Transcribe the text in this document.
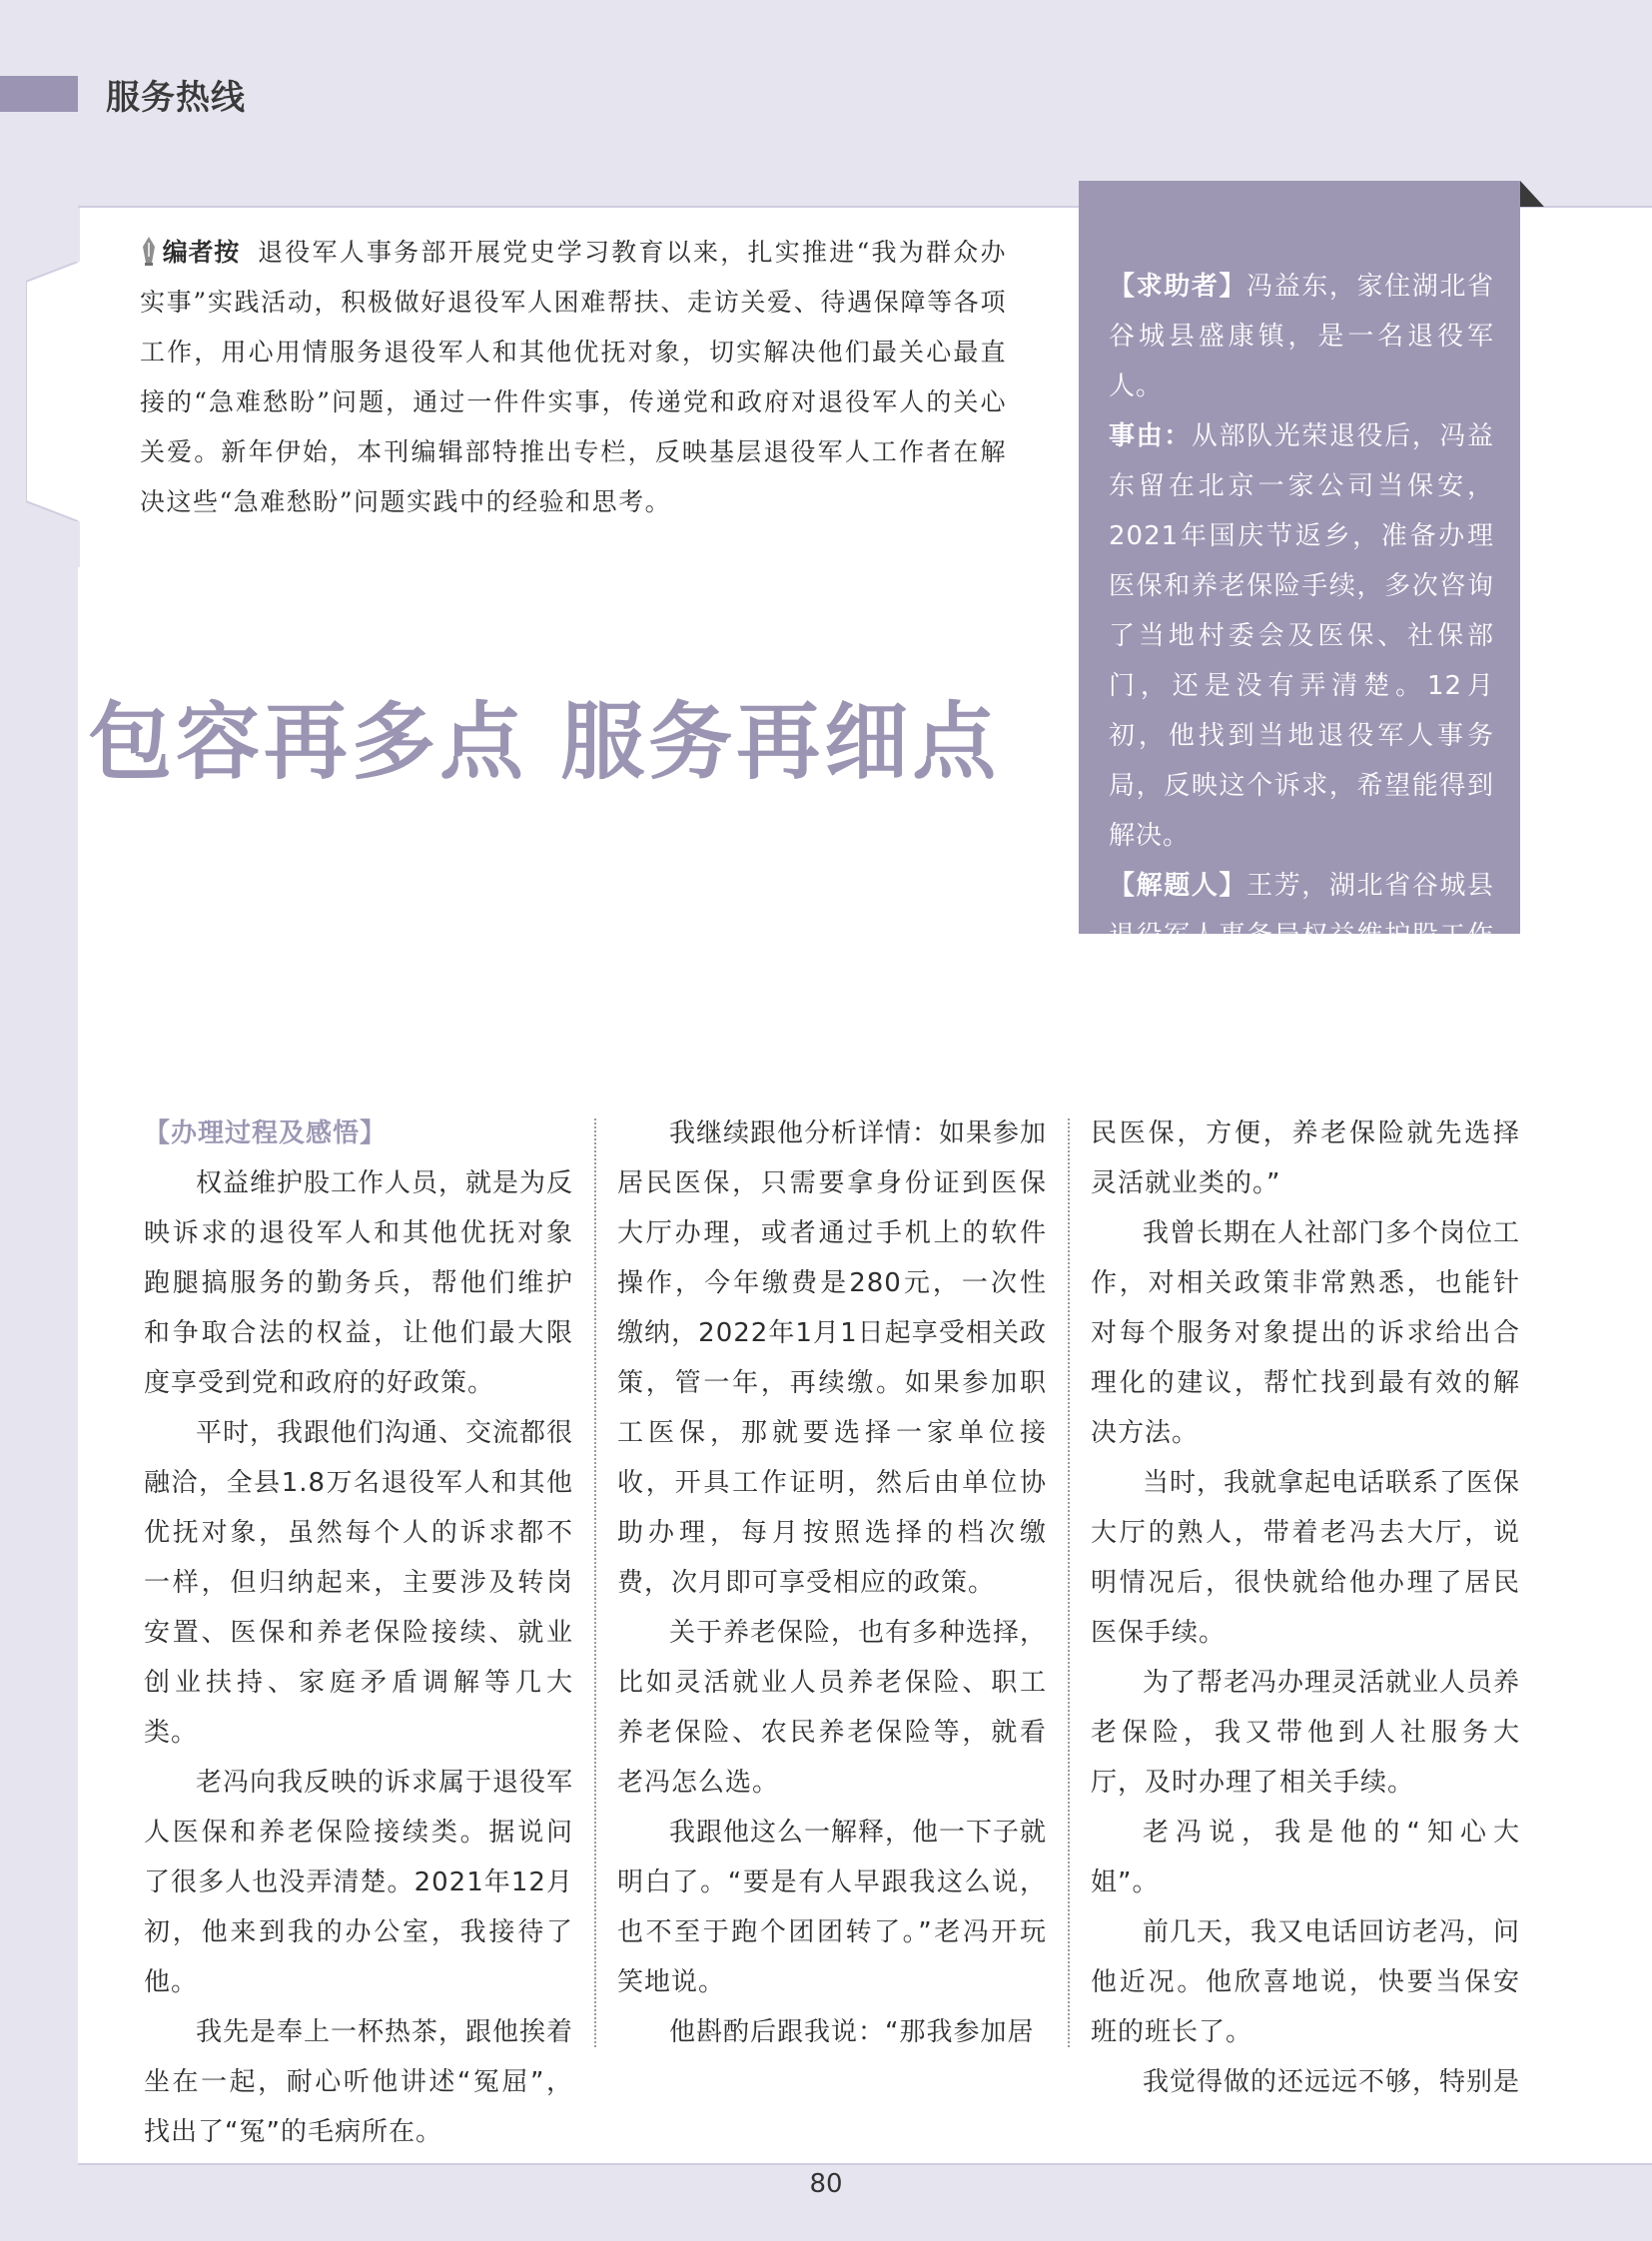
服务热线
编者按 退役军人事务部开展党史学习教育以来，扎实推进“我为群众办实事”实践活动，积极做好退役军人困难帮扶、走访关爱、待遇保障等各项工作，用心用情服务退役军人和其他优抚对象，切实解决他们最关心最直接的“急难愁盼”问题，通过一件件实事，传递党和政府对退役军人的关心关爱。新年伊始，本刊编辑部特推出专栏，反映基层退役军人工作者在解决这些“急难愁盼”问题实践中的经验和思考。
包容再多点 服务再细点
【求助者】冯益东，家住湖北省谷城县盛康镇，是一名退役军人。
事由：从部队光荣退役后，冯益东留在北京一家公司当保安，2021年国庆节返乡，准备办理医保和养老保险手续，多次咨询了当地村委会及医保、社保部门，还是没有弄清楚。12月初，他找到当地退役军人事务局，反映这个诉求，希望能得到解决。
【解题人】王芳，湖北省谷城县退役军人事务局权益维护股工作人员。

【办理过程及感悟】

权益维护股工作人员，就是为反映诉求的退役军人和其他优抚对象跑腿搞服务的勤务兵，帮他们维护和争取合法的权益，让他们最大限度享受到党和政府的好政策。

平时，我跟他们沟通、交流都很融洽，全县1.8万名退役军人和其他优抚对象，虽然每个人的诉求都不一样，但归纳起来，主要涉及转岗安置、医保和养老保险接续、就业创业扶持、家庭矛盾调解等几大类。

老冯向我反映的诉求属于退役军人医保和养老保险接续类。据说问了很多人也没弄清楚。2021年12月初，他来到我的办公室，我接待了他。

我先是奉上一杯热茶，跟他挨着坐在一起，耐心听他讲述“冤屈”，找出了“冤”的毛病所在。

我继续跟他分析详情：如果参加居民医保，只需要拿身份证到医保大厅办理，或者通过手机上的软件操作，今年缴费是280元，一次性缴纳，2022年1月1日起享受相关政策，管一年，再续缴。如果参加职工医保，那就要选择一家单位接收，开具工作证明，然后由单位协助办理，每月按照选择的档次缴费，次月即可享受相应的政策。

关于养老保险，也有多种选择，比如灵活就业人员养老保险、职工养老保险、农民养老保险等，就看老冯怎么选。

我跟他这么一解释，他一下子就明白了。“要是有人早跟我这么说，也不至于跑个团团转了。”老冯开玩笑地说。

他斟酌后跟我说：“那我参加居

民医保，方便，养老保险就先选择灵活就业类的。”

我曾长期在人社部门多个岗位工作，对相关政策非常熟悉，也能针对每个服务对象提出的诉求给出合理化的建议，帮忙找到最有效的解决方法。

当时，我就拿起电话联系了医保大厅的熟人，带着老冯去大厅，说明情况后，很快就给他办理了居民医保手续。

为了帮老冯办理灵活就业人员养老保险，我又带他到人社服务大厅，及时办理了相关手续。

老冯说，我是他的“知心大姐”。

前几天，我又电话回访老冯，问他近况。他欣喜地说，快要当保安班的班长了。

我觉得做的还远远不够，特别是

80
